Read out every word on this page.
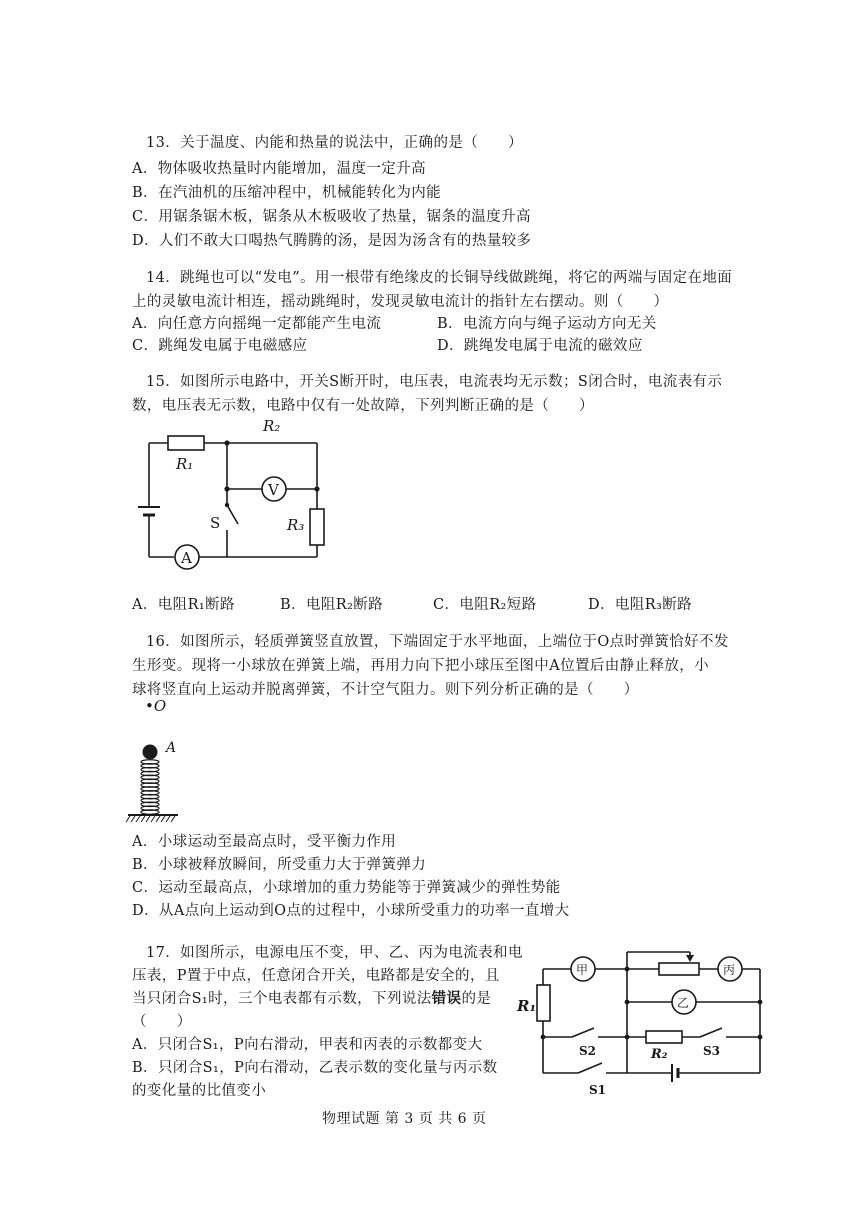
13．关于温度、内能和热量的说法中，正确的是（　　）
A．物体吸收热量时内能增加，温度一定升高
B．在汽油机的压缩冲程中，机械能转化为内能
C．用锯条锯木板，锯条从木板吸收了热量，锯条的温度升高
D．人们不敢大口喝热气腾腾的汤，是因为汤含有的热量较多
14．跳绳也可以“发电”。用一根带有绝缘皮的长铜导线做跳绳，将它的两端与固定在地面
上的灵敏电流计相连，摇动跳绳时，发现灵敏电流计的指针左右摆动。则（　　）
A．向任意方向摇绳一定都能产生电流	B．电流方向与绳子运动方向无关
C．跳绳发电属于电磁感应	D．跳绳发电属于电流的磁效应
15．如图所示电路中，开关S断开时，电压表，电流表均无示数；S闭合时，电流表有示
数，电压表无示数，电路中仅有一处故障，下列判断正确的是（　　）
R₂
R₁
V
A
S	R₃
A．电阻R₁断路	B．电阻R₂断路	C．电阻R₂短路	D．电阻R₃断路
16．如图所示，轻质弹簧竖直放置，下端固定于水平地面，上端位于O点时弹簧恰好不发
生形变。现将一小球放在弹簧上端，再用力向下把小球压至图中A位置后由静止释放，小
球将竖直向上运动并脱离弹簧，不计空气阻力。则下列分析正确的是（　　）
•O
A
A．小球运动至最高点时，受平衡力作用
B．小球被释放瞬间，所受重力大于弹簧弹力
C．运动至最高点，小球增加的重力势能等于弹簧减少的弹性势能
D．从A点向上运动到O点的过程中，小球所受重力的功率一直增大
17．如图所示，电源电压不变，甲、乙、丙为电流表和电
压表，P置于中点，任意闭合开关，电路都是安全的，且
当只闭合S₁时，三个电表都有示数，下列说法错误的是
（　　）
A．只闭合S₁，P向右滑动，甲表和丙表的示数都变大
B．只闭合S₁，P向右滑动，乙表示数的变化量与丙示数
的变化量的比值变小
甲	丙
乙
R₁
R₂
S2	S3
S1
物理试题 第 3 页 共 6 页
